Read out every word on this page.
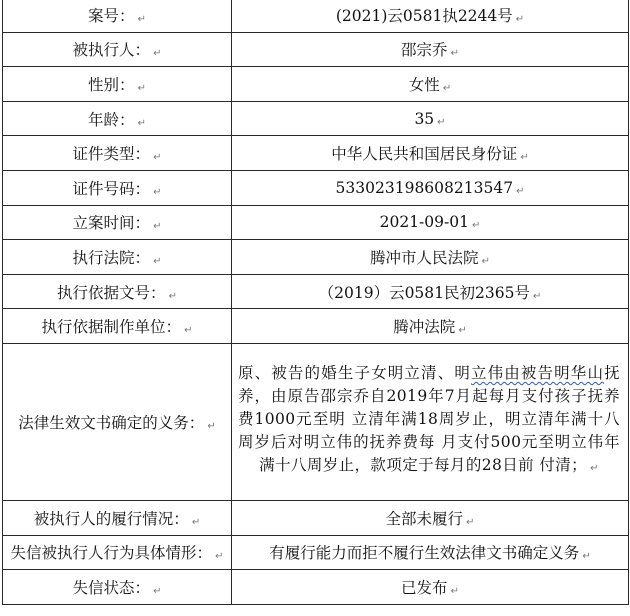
案号： ↵	(2021)云0581执2244号 ↵
被执行人： ↵	邵宗乔 ↵
性别： ↵	女性 ↵
年龄： ↵	35 ↵
证件类型： ↵	中华人民共和国居民身份证 ↵
证件号码： ↵	533023198608213547 ↵
立案时间： ↵	2021-09-01 ↵
执行法院： ↵	腾冲市人民法院 ↵
执行依据文号： ↵	（2019）云0581民初2365号 ↵
执行依据制作单位： ↵	腾冲法院 ↵
法律生效文书确定的义务： ↵	原、被告的婚生子女明立清、明立伟由被告明华山抚养，由原告邵宗乔自2019年7月起每月支付孩子抚养费1000元至明 立清年满18周岁止，明立清年满十八周岁后对明立伟的抚养费每 月支付500元至明立伟年满十八周岁止，款项定于每月的28日前 付清； ↵
被执行人的履行情况： ↵	全部未履行 ↵
失信被执行人行为具体情形： ↵	有履行能力而拒不履行生效法律文书确定义务 ↵
失信状态： ↵	已发布 ↵
